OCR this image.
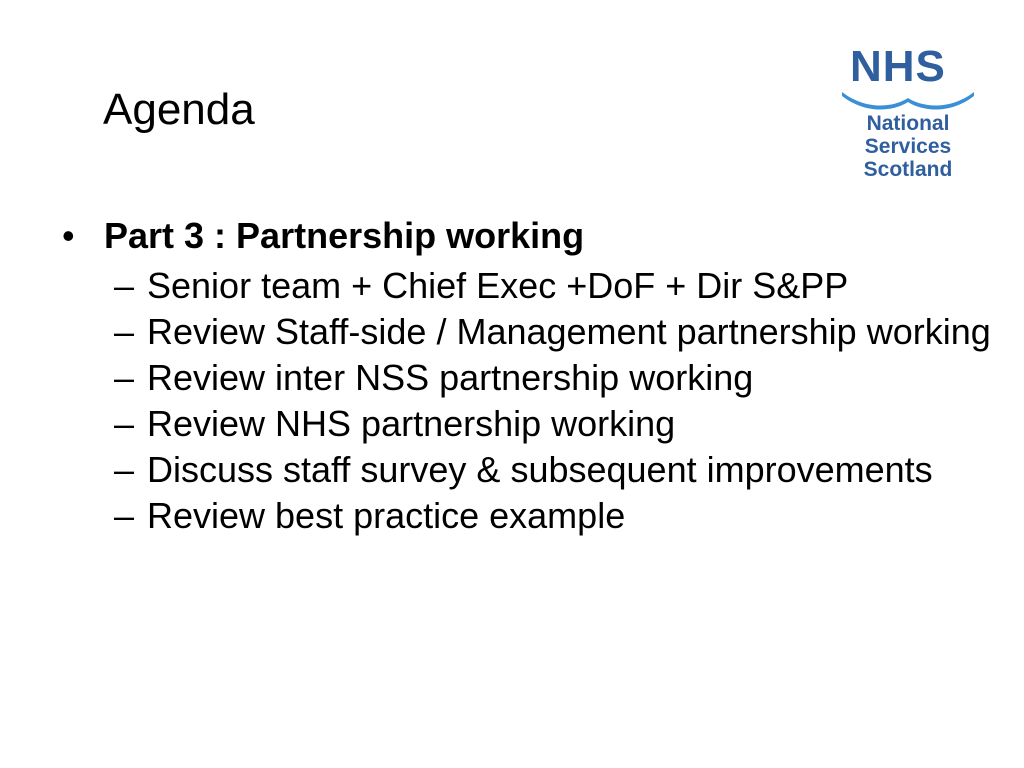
Agenda
NHS
National
Services
Scotland
• Part 3 : Partnership working
– Senior team + Chief Exec +DoF + Dir S&PP
– Review Staff-side / Management partnership working
– Review inter NSS partnership working
– Review NHS partnership working
– Discuss staff survey & subsequent improvements
– Review best practice example
